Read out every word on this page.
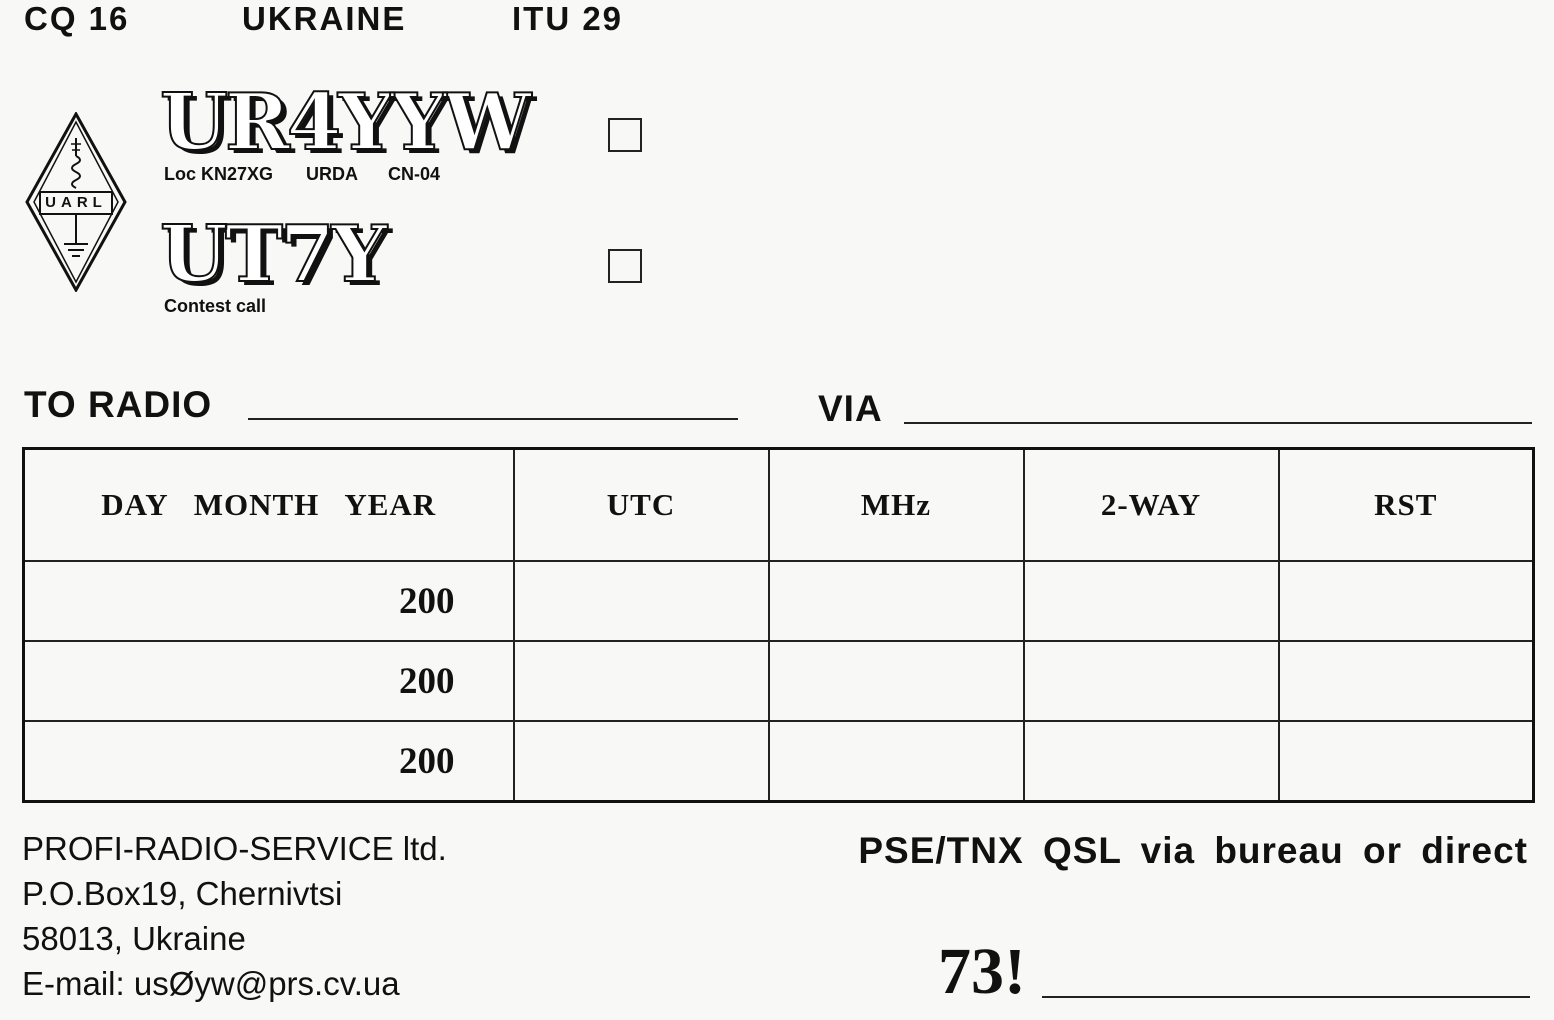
CQ 16	UKRAINE	ITU 29
UARL
UR4YYW
Loc KN27XG URDA CN-04
UT7Y
Contest call
TO RADIO	VIA
DAY   MONTH   YEAR	UTC	MHz	2-WAY	RST
200				
200				
200				
PROFI-RADIO-SERVICE ltd.
P.O.Box19, Chernivtsi
58013, Ukraine
E-mail: usØyw@prs.cv.ua
PSE/TNX QSL via bureau or direct
73!
